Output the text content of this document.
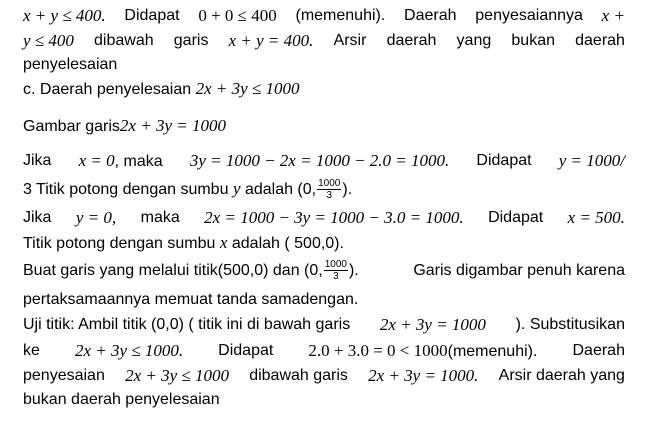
x + y ≤ 400. Didapat 0 + 0 ≤ 400 (memenuhi). Daerah penyesaiannya x +
y ≤ 400 dibawah garis x + y = 400. Arsir daerah yang bukan daerah
penyelesaian
c. Daerah penyelesaian 2x + 3y ≤ 1000
Gambar garis2x + 3y = 1000
Jika x = 0, maka 3y = 1000 − 2x = 1000 − 2.0 = 1000. Didapat y = 1000/
3 Titik potong dengan sumbu y adalah (0, $\frac{1000}{3}$ ).
Jika y = 0, maka 2x = 1000 − 3y = 1000 − 3.0 = 1000. Didapat x = 500.
Titik potong dengan sumbu x adalah ( 500,0).
Buat garis yang melalui titik(500,0) dan (0, $\frac{1000}{3}$ ).	Garis digambar penuh karena
pertaksamaannya memuat tanda samadengan.
Uji titik: Ambil titik (0,0) ( titik ini di bawah garis 2x + 3y = 1000 ). Substitusikan
ke 2x + 3y ≤ 1000. Didapat 2.0 + 3.0 = 0 < 1000(memenuhi). Daerah
penyesaian 2x + 3y ≤ 1000 dibawah garis 2x + 3y = 1000. Arsir daerah yang
bukan daerah penyelesaian
